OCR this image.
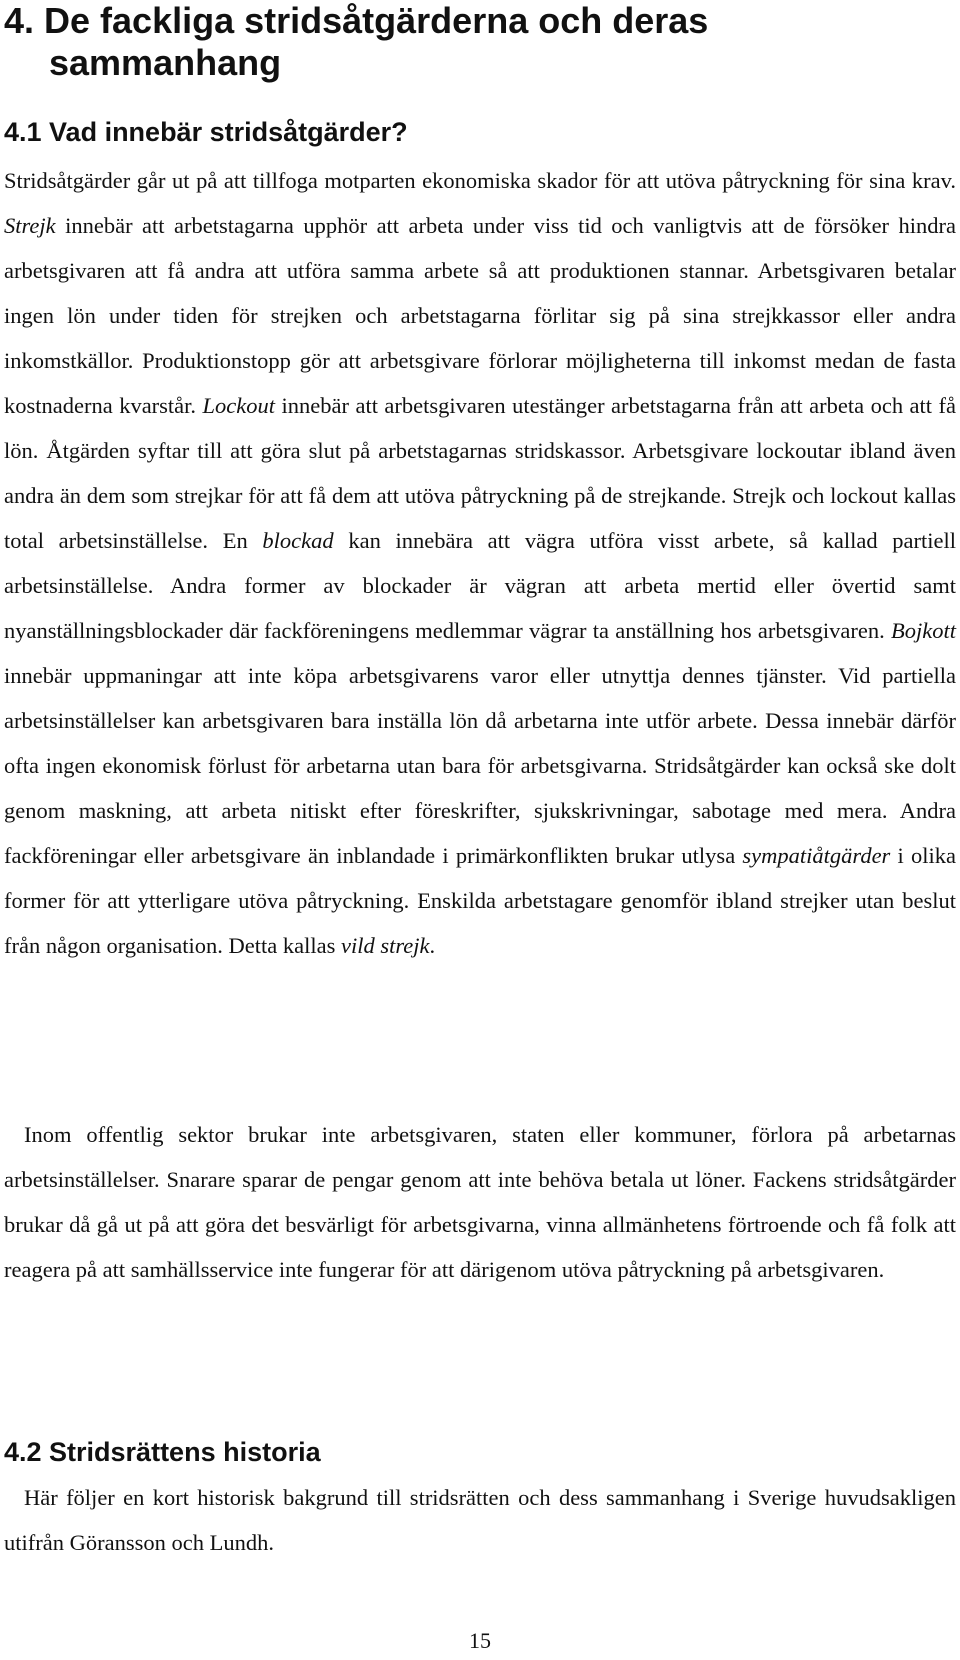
4. De fackliga stridsåtgärderna och deras
sammanhang
4.1 Vad innebär stridsåtgärder?

Stridsåtgärder går ut på att tillfoga motparten ekonomiska skador för att utöva påtryckning för sina krav. Strejk innebär att arbetstagarna upphör att arbeta under viss tid och vanligtvis att de försöker hindra arbetsgivaren att få andra att utföra samma arbete så att produktionen stannar. Arbetsgivaren betalar ingen lön under tiden för strejken och arbetstagarna förlitar sig på sina strejkkassor eller andra inkomstkällor. Produktionstopp gör att arbetsgivare förlorar möjligheterna till inkomst medan de fasta kostnaderna kvarstår. Lockout innebär att arbetsgivaren utestänger arbetstagarna från att arbeta och att få lön. Åtgärden syftar till att göra slut på arbetstagarnas stridskassor. Arbetsgivare lockoutar ibland även andra än dem som strejkar för att få dem att utöva påtryckning på de strejkande. Strejk och lockout kallas total arbetsinställelse. En blockad kan innebära att vägra utföra visst arbete, så kallad partiell arbetsinställelse. Andra former av blockader är vägran att arbeta mertid eller övertid samt nyanställningsblockader där fackföreningens medlemmar vägrar ta anställning hos arbetsgivaren. Bojkott innebär uppmaningar att inte köpa arbetsgivarens varor eller utnyttja dennes tjänster. Vid partiella arbetsinställelser kan arbetsgivaren bara inställa lön då arbetarna inte utför arbete. Dessa innebär därför ofta ingen ekonomisk förlust för arbetarna utan bara för arbetsgivarna. Stridsåtgärder kan också ske dolt genom maskning, att arbeta nitiskt efter föreskrifter, sjukskrivningar, sabotage med mera. Andra fackföreningar eller arbetsgivare än inblandade i primärkonflikten brukar utlysa sympatiåtgärder i olika former för att ytterligare utöva påtryckning. Enskilda arbetstagare genomför ibland strejker utan beslut från någon organisation. Detta kallas vild strejk.

Inom offentlig sektor brukar inte arbetsgivaren, staten eller kommuner, förlora på arbetarnas arbetsinställelser. Snarare sparar de pengar genom att inte behöva betala ut löner. Fackens stridsåtgärder brukar då gå ut på att göra det besvärligt för arbetsgivarna, vinna allmänhetens förtroende och få folk att reagera på att samhällsservice inte fungerar för att därigenom utöva påtryckning på arbetsgivaren.

4.2 Stridsrättens historia

Här följer en kort historisk bakgrund till stridsrätten och dess sammanhang i Sverige huvudsakligen utifrån Göransson och Lundh.

15
